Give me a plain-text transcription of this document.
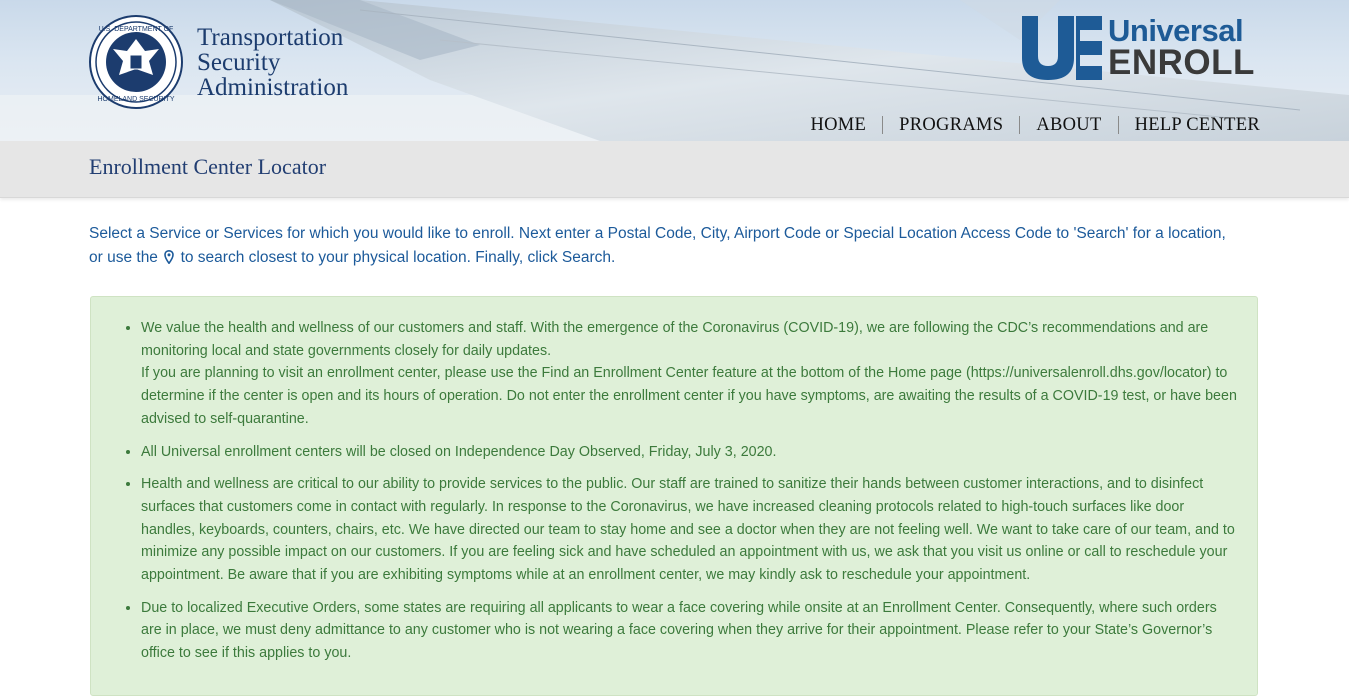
U.S. DEPARTMENT OF
HOMELAND SECURITY
Transportation
Security
Administration
Universal
ENROLL
HOME	PROGRAMS	ABOUT	HELP CENTER
Enrollment Center Locator
Select a Service or Services for which you would like to enroll. Next enter a Postal Code, City, Airport Code or Special Location Access Code to 'Search' for a location, or use the to search closest to your physical location. Finally, click Search.

• We value the health and wellness of our customers and staff. With the emergence of the Coronavirus (COVID-19), we are following the CDC’s recommendations and are monitoring local and state governments closely for daily updates.

If you are planning to visit an enrollment center, please use the Find an Enrollment Center feature at the bottom of the Home page (https://universalenroll.dhs.gov/locator) to determine if the center is open and its hours of operation. Do not enter the enrollment center if you have symptoms, are awaiting the results of a COVID-19 test, or have been advised to self-quarantine.

• All Universal enrollment centers will be closed on Independence Day Observed, Friday, July 3, 2020.

• Health and wellness are critical to our ability to provide services to the public. Our staff are trained to sanitize their hands between customer interactions, and to disinfect surfaces that customers come in contact with regularly. In response to the Coronavirus, we have increased cleaning protocols related to high-touch surfaces like door handles, keyboards, counters, chairs, etc. We have directed our team to stay home and see a doctor when they are not feeling well. We want to take care of our team, and to minimize any possible impact on our customers. If you are feeling sick and have scheduled an appointment with us, we ask that you visit us online or call to reschedule your appointment. Be aware that if you are exhibiting symptoms while at an enrollment center, we may kindly ask to reschedule your appointment.

• Due to localized Executive Orders, some states are requiring all applicants to wear a face covering while onsite at an Enrollment Center. Consequently, where such orders are in place, we must deny admittance to any customer who is not wearing a face covering when they arrive for their appointment. Please refer to your State’s Governor’s office to see if this applies to you.
